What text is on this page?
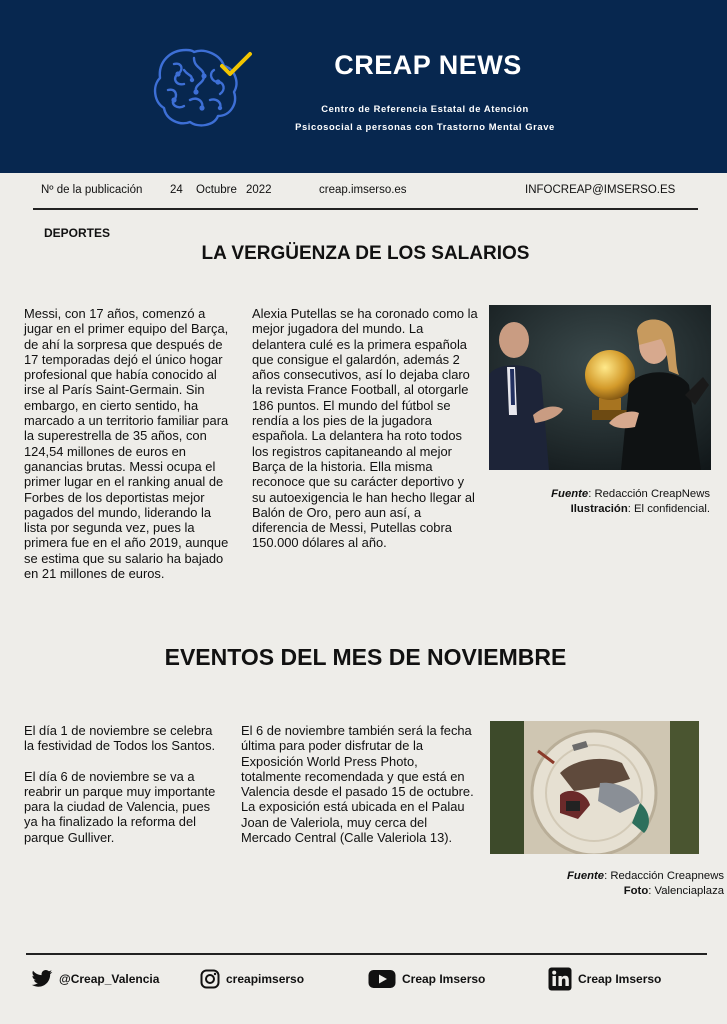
CREAP NEWS
Centro de Referencia Estatal de Atención
Psicosocial a personas con Trastorno Mental Grave
Nº de la publicación 24 Octubre 2022	creap.imserso.es	INFOCREAP@IMSERSO.ES
DEPORTES
LA VERGÜENZA DE LOS SALARIOS
Messi, con 17 años, comenzó a jugar en el primer equipo del Barça, de ahí la sorpresa que después de 17 temporadas dejó el único hogar profesional que había conocido al irse al París Saint-Germain. Sin embargo, en cierto sentido, ha marcado a un territorio familiar para la superestrella de 35 años, con 124,54 millones de euros en ganancias brutas. Messi ocupa el primer lugar en el ranking anual de Forbes de los deportistas mejor pagados del mundo, liderando la lista por segunda vez, pues la primera fue en el año 2019, aunque se estima que su salario ha bajado en 21 millones de euros.
Alexia Putellas se ha coronado como la mejor jugadora del mundo. La delantera culé es la primera española que consigue el galardón, además 2 años consecutivos, así lo dejaba claro la revista France Football, al otorgarle 186 puntos. El mundo del fútbol se rendía a los pies de la jugadora española. La delantera ha roto todos los registros capitaneando al mejor Barça de la historia. Ella misma reconoce que su carácter deportivo y su autoexigencia le han hecho llegar al Balón de Oro, pero aun así, a diferencia de Messi, Putellas cobra 150.000 dólares al año.
Fuente: Redacción CreapNews
Ilustración: El confidencial.
EVENTOS DEL MES DE NOVIEMBRE

El día 1 de noviembre se celebra la festividad de Todos los Santos.

El día 6 de noviembre se va a reabrir un parque muy importante para la ciudad de Valencia, pues ya ha finalizado la reforma del parque Gulliver.

El 6 de noviembre también será la fecha última para poder disfrutar de la Exposición World Press Photo, totalmente recomendada y que está en Valencia desde el pasado 15 de octubre.

La exposición está ubicada en el Palau Joan de Valeriola, muy cerca del Mercado Central (Calle Valeriola 13).

Fuente: Redacción Creapnews
Foto: Valenciaplaza
@Creap_Valencia	creapimserso	Creap Imserso	Creap Imserso
